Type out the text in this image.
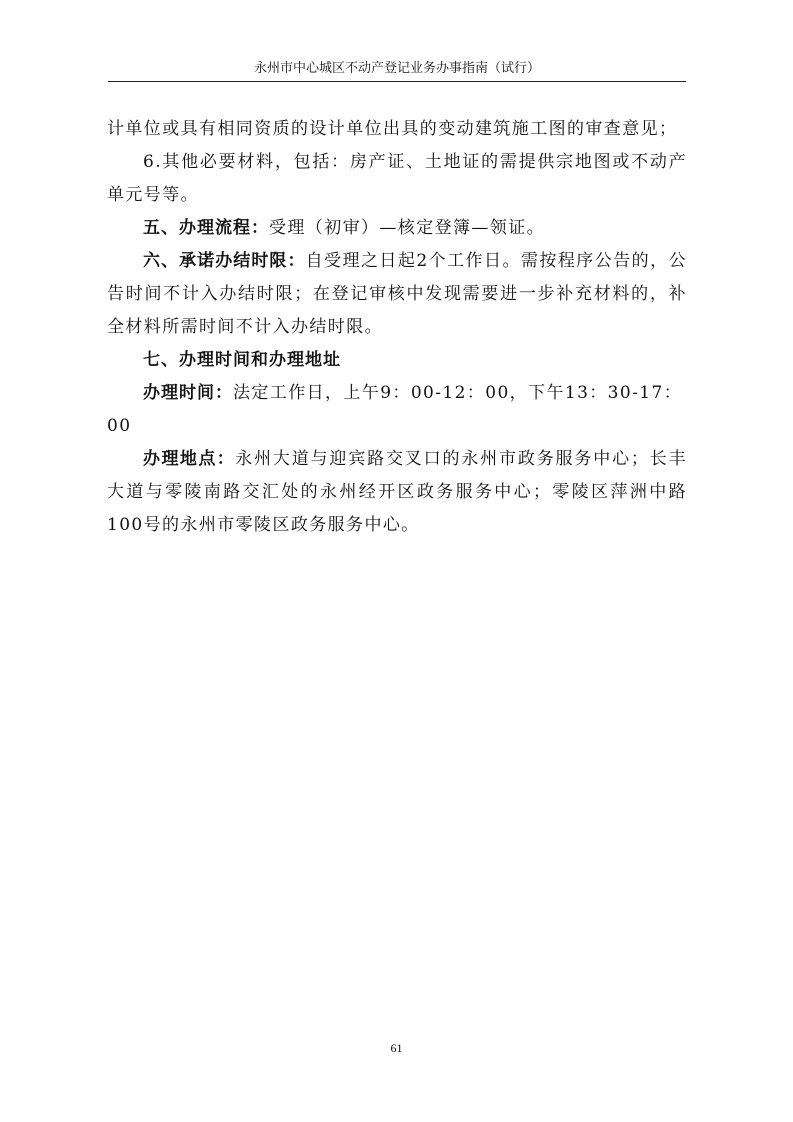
永州市中心城区不动产登记业务办事指南（试行）

计单位或具有相同资质的设计单位出具的变动建筑施工图的审查意见；

6.其他必要材料，包括：房产证、土地证的需提供宗地图或不动产单元号等。

五、办理流程：受理（初审）—核定登簿—领证。

六、承诺办结时限：自受理之日起2个工作日。需按程序公告的，公告时间不计入办结时限；在登记审核中发现需要进一步补充材料的，补全材料所需时间不计入办结时限。

七、办理时间和办理地址

办理时间：法定工作日，上午9：00-12：00，下午13：30-17：00

办理地点：永州大道与迎宾路交叉口的永州市政务服务中心；长丰大道与零陵南路交汇处的永州经开区政务服务中心；零陵区萍洲中路100号的永州市零陵区政务服务中心。

61
